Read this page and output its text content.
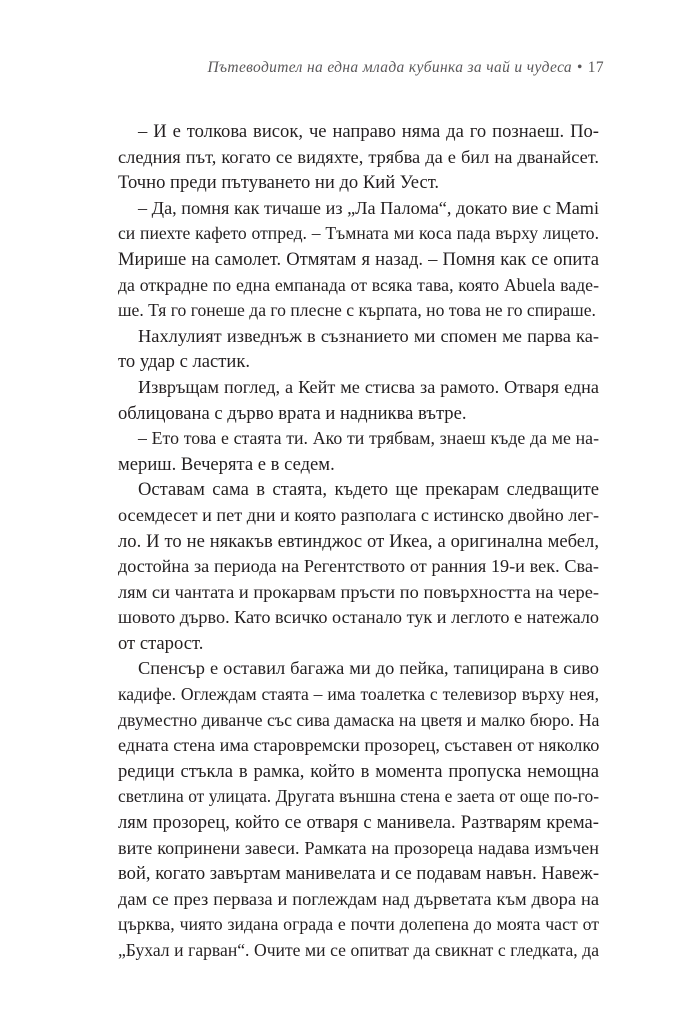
Пътеводител на една млада кубинка за чай и чудеса • 17
– И е толкова висок, че направо няма да го познаеш. По-
следния път, когато се видяхте, трябва да е бил на дванайсет.
Точно преди пътуването ни до Кий Уест.
– Да, помня как тичаше из „Ла Палома“, докато вие с Mami
си пиехте кафето отпред. – Тъмната ми коса пада върху лицето.
Мирише на самолет. Отмятам я назад. – Помня как се опита
да открадне по една емпанада от всяка тава, която Abuela ваде-
ше. Тя го гонеше да го плесне с кърпата, но това не го спираше.
Нахлулият изведнъж в съзнанието ми спомен ме парва ка-
то удар с ластик.
Извръщам поглед, а Кейт ме стисва за рамото. Отваря една
облицована с дърво врата и надниква вътре.
– Ето това е стаята ти. Ако ти трябвам, знаеш къде да ме на-
мериш. Вечерята е в седем.
Оставам сама в стаята, където ще прекарам следващите
осемдесет и пет дни и която разполага с истинско двойно лег-
ло. И то не някакъв евтинджос от Икеа, а оригинална мебел,
достойна за периода на Регентството от ранния 19-и век. Сва-
лям си чантата и прокарвам пръсти по повърхността на чере-
шовото дърво. Като всичко останало тук и леглото е натежало
от старост.
Спенсър е оставил багажа ми до пейка, тапицирана в сиво
кадифе. Оглеждам стаята – има тоалетка с телевизор върху нея,
двуместно диванче със сива дамаска на цветя и малко бюро. На
едната стена има старовремски прозорец, съставен от няколко
редици стъкла в рамка, който в момента пропуска немощна
светлина от улицата. Другата външна стена е заета от още по-го-
лям прозорец, който се отваря с манивела. Разтварям крема-
вите копринени завеси. Рамката на прозореца надава измъчен
вой, когато завъртам манивелата и се подавам навън. Навеж-
дам се през перваза и поглеждам над дърветата към двора на
църква, чиято зидана ограда е почти долепена до моята част от
„Бухал и гарван“. Очите ми се опитват да свикнат с гледката, да
